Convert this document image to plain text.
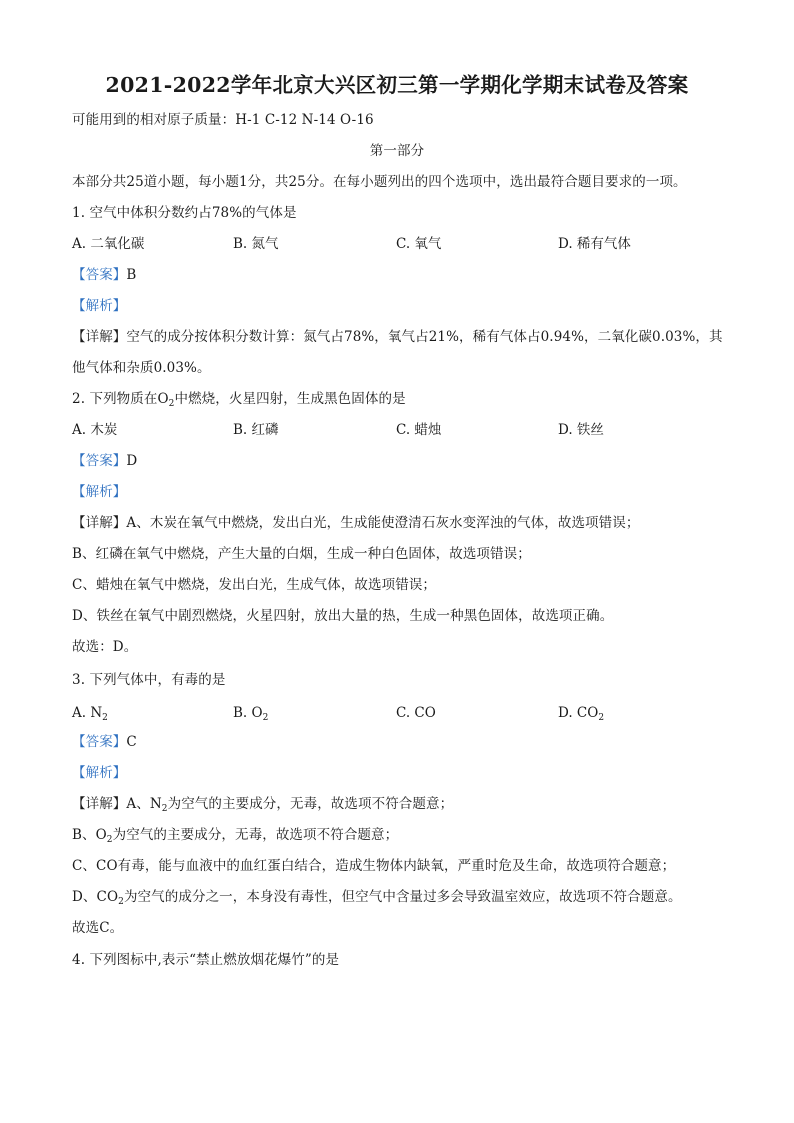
2021-2022学年北京大兴区初三第一学期化学期末试卷及答案
可能用到的相对原子质量：H-1 C-12 N-14 O-16
第一部分
本部分共25道小题，每小题1分，共25分。在每小题列出的四个选项中，选出最符合题目要求的一项。
1. 空气中体积分数约占78%的气体是
A. 二氧化碳	B. 氮气	C. 氧气	D. 稀有气体
【答案】B
【解析】
【详解】空气的成分按体积分数计算：氮气占78%，氧气占21%，稀有气体占0.94%，二氧化碳0.03%，其
他气体和杂质0.03%。
2. 下列物质在$O_2$中燃烧，火星四射，生成黑色固体的是
A. 木炭	B. 红磷	C. 蜡烛	D. 铁丝
【答案】D
【解析】
【详解】A、木炭在氧气中燃烧，发出白光，生成能使澄清石灰水变浑浊的气体，故选项错误；
B、红磷在氧气中燃烧，产生大量的白烟，生成一种白色固体，故选项错误；
C、蜡烛在氧气中燃烧，发出白光，生成气体，故选项错误；
D、铁丝在氧气中剧烈燃烧，火星四射，放出大量的热，生成一种黑色固体，故选项正确。
故选：D。
3. 下列气体中，有毒的是
A. $N_2$	B. $O_2$	C. CO	D. $CO_2$
【答案】C
【解析】
【详解】A、$N_2$为空气的主要成分，无毒，故选项不符合题意；
B、$O_2$为空气的主要成分，无毒，故选项不符合题意；
C、CO有毒，能与血液中的血红蛋白结合，造成生物体内缺氧，严重时危及生命，故选项符合题意；
D、$CO_2$为空气的成分之一，本身没有毒性，但空气中含量过多会导致温室效应，故选项不符合题意。
故选C。
4. 下列图标中,表示“禁止燃放烟花爆竹”的是
